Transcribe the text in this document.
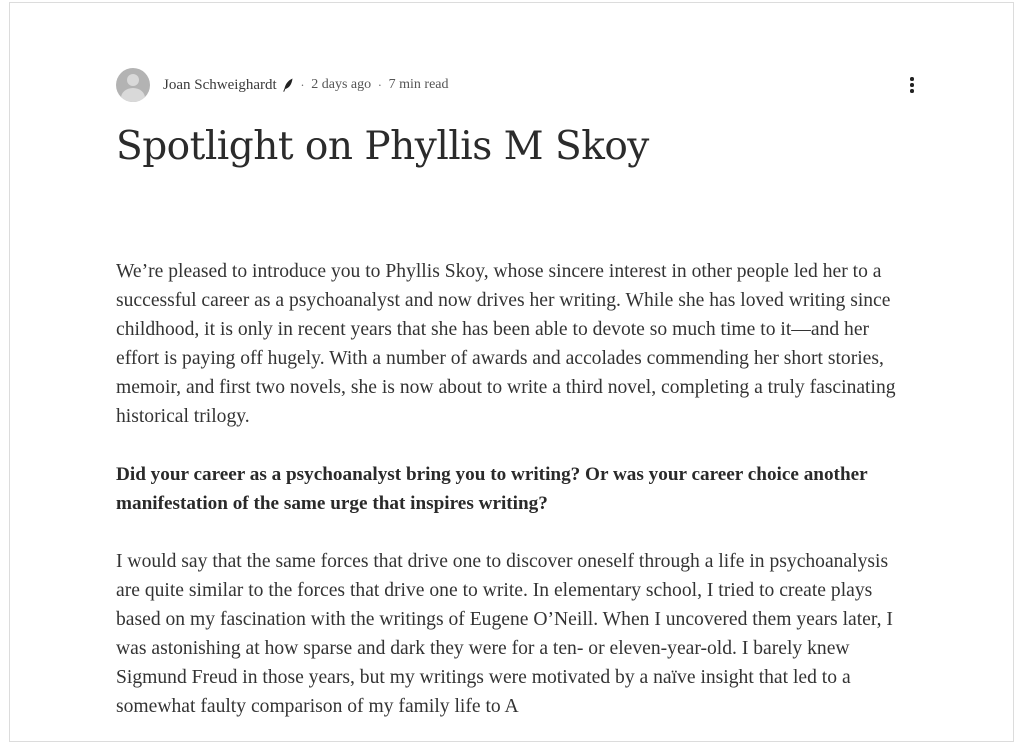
Joan Schweighardt · 2 days ago · 7 min read
Spotlight on Phyllis M Skoy

We’re pleased to introduce you to Phyllis Skoy, whose sincere interest in other people led her to a successful career as a psychoanalyst and now drives her writing. While she has loved writing since childhood, it is only in recent years that she has been able to devote so much time to it—and her effort is paying off hugely. With a number of awards and accolades commending her short stories, memoir, and first two novels, she is now about to write a third novel, completing a truly fascinating historical trilogy.

Did your career as a psychoanalyst bring you to writing? Or was your career choice another manifestation of the same urge that inspires writing?

I would say that the same forces that drive one to discover oneself through a life in psychoanalysis are quite similar to the forces that drive one to write. In elementary school, I tried to create plays based on my fascination with the writings of Eugene O’Neill. When I uncovered them years later, I was astonishing at how sparse and dark they were for a ten- or eleven-year-old. I barely knew Sigmund Freud in those years, but my writings were motivated by a naïve insight that led to a somewhat faulty comparison of my family life to A
